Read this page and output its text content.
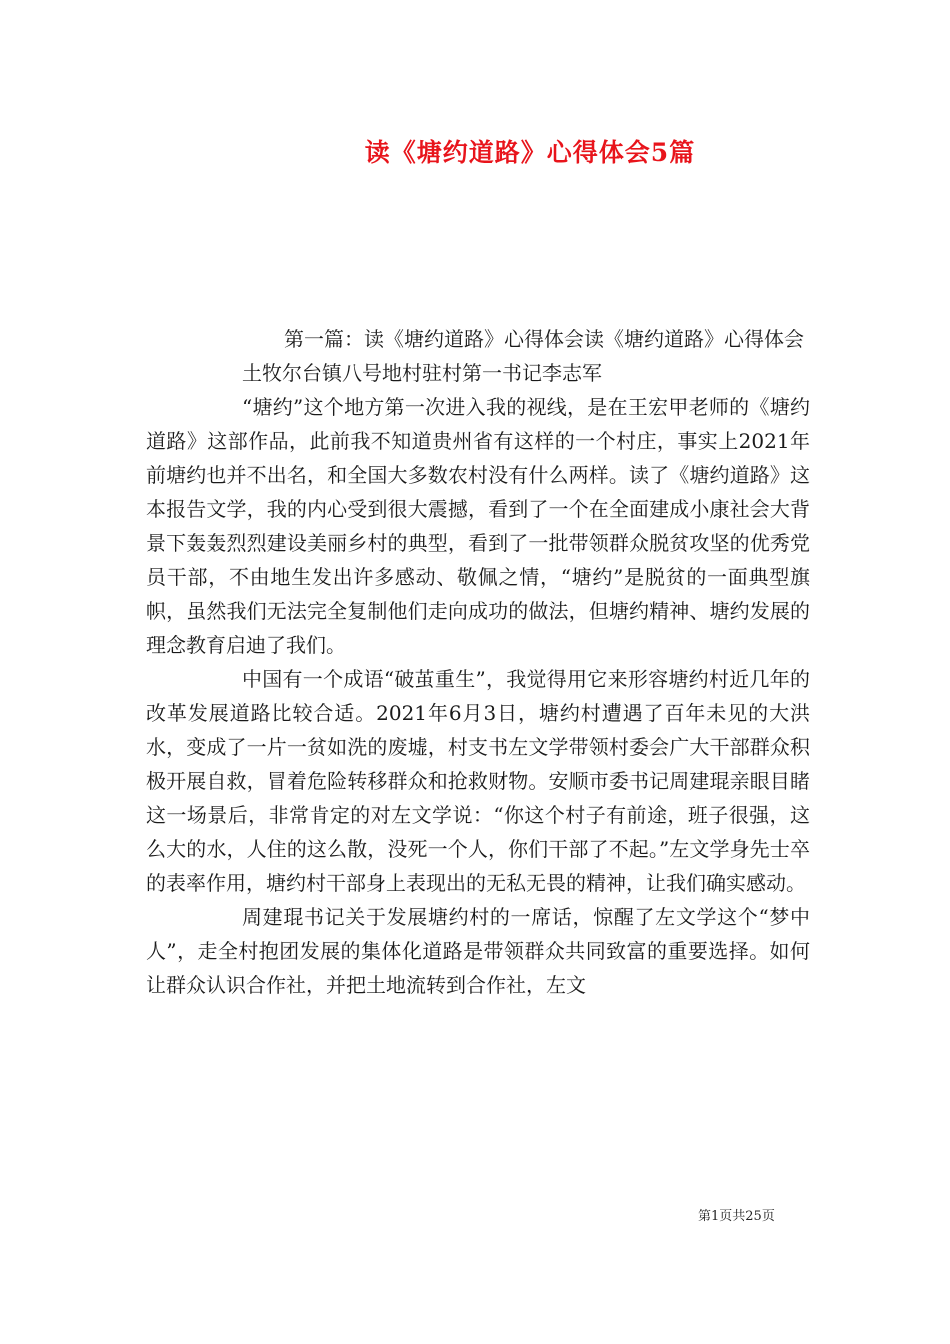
读《塘约道路》心得体会5篇

第一篇：读《塘约道路》心得体会读《塘约道路》心得体会

土牧尔台镇八号地村驻村第一书记李志军

“塘约”这个地方第一次进入我的视线，是在王宏甲老师的《塘约道路》这部作品，此前我不知道贵州省有这样的一个村庄，事实上2021年前塘约也并不出名，和全国大多数农村没有什么两样。读了《塘约道路》这本报告文学，我的内心受到很大震撼，看到了一个在全面建成小康社会大背景下轰轰烈烈建设美丽乡村的典型，看到了一批带领群众脱贫攻坚的优秀党员干部，不由地生发出许多感动、敬佩之情，“塘约”是脱贫的一面典型旗帜，虽然我们无法完全复制他们走向成功的做法，但塘约精神、塘约发展的理念教育启迪了我们。

中国有一个成语“破茧重生”，我觉得用它来形容塘约村近几年的改革发展道路比较合适。2021年6月3日，塘约村遭遇了百年未见的大洪水，变成了一片一贫如洗的废墟，村支书左文学带领村委会广大干部群众积极开展自救，冒着危险转移群众和抢救财物。安顺市委书记周建琨亲眼目睹这一场景后，非常肯定的对左文学说：“你这个村子有前途，班子很强，这么大的水，人住的这么散，没死一个人，你们干部了不起。”左文学身先士卒的表率作用，塘约村干部身上表现出的无私无畏的精神，让我们确实感动。

周建琨书记关于发展塘约村的一席话，惊醒了左文学这个“梦中人”，走全村抱团发展的集体化道路是带领群众共同致富的重要选择。如何让群众认识合作社，并把土地流转到合作社，左文

第1页共25页
